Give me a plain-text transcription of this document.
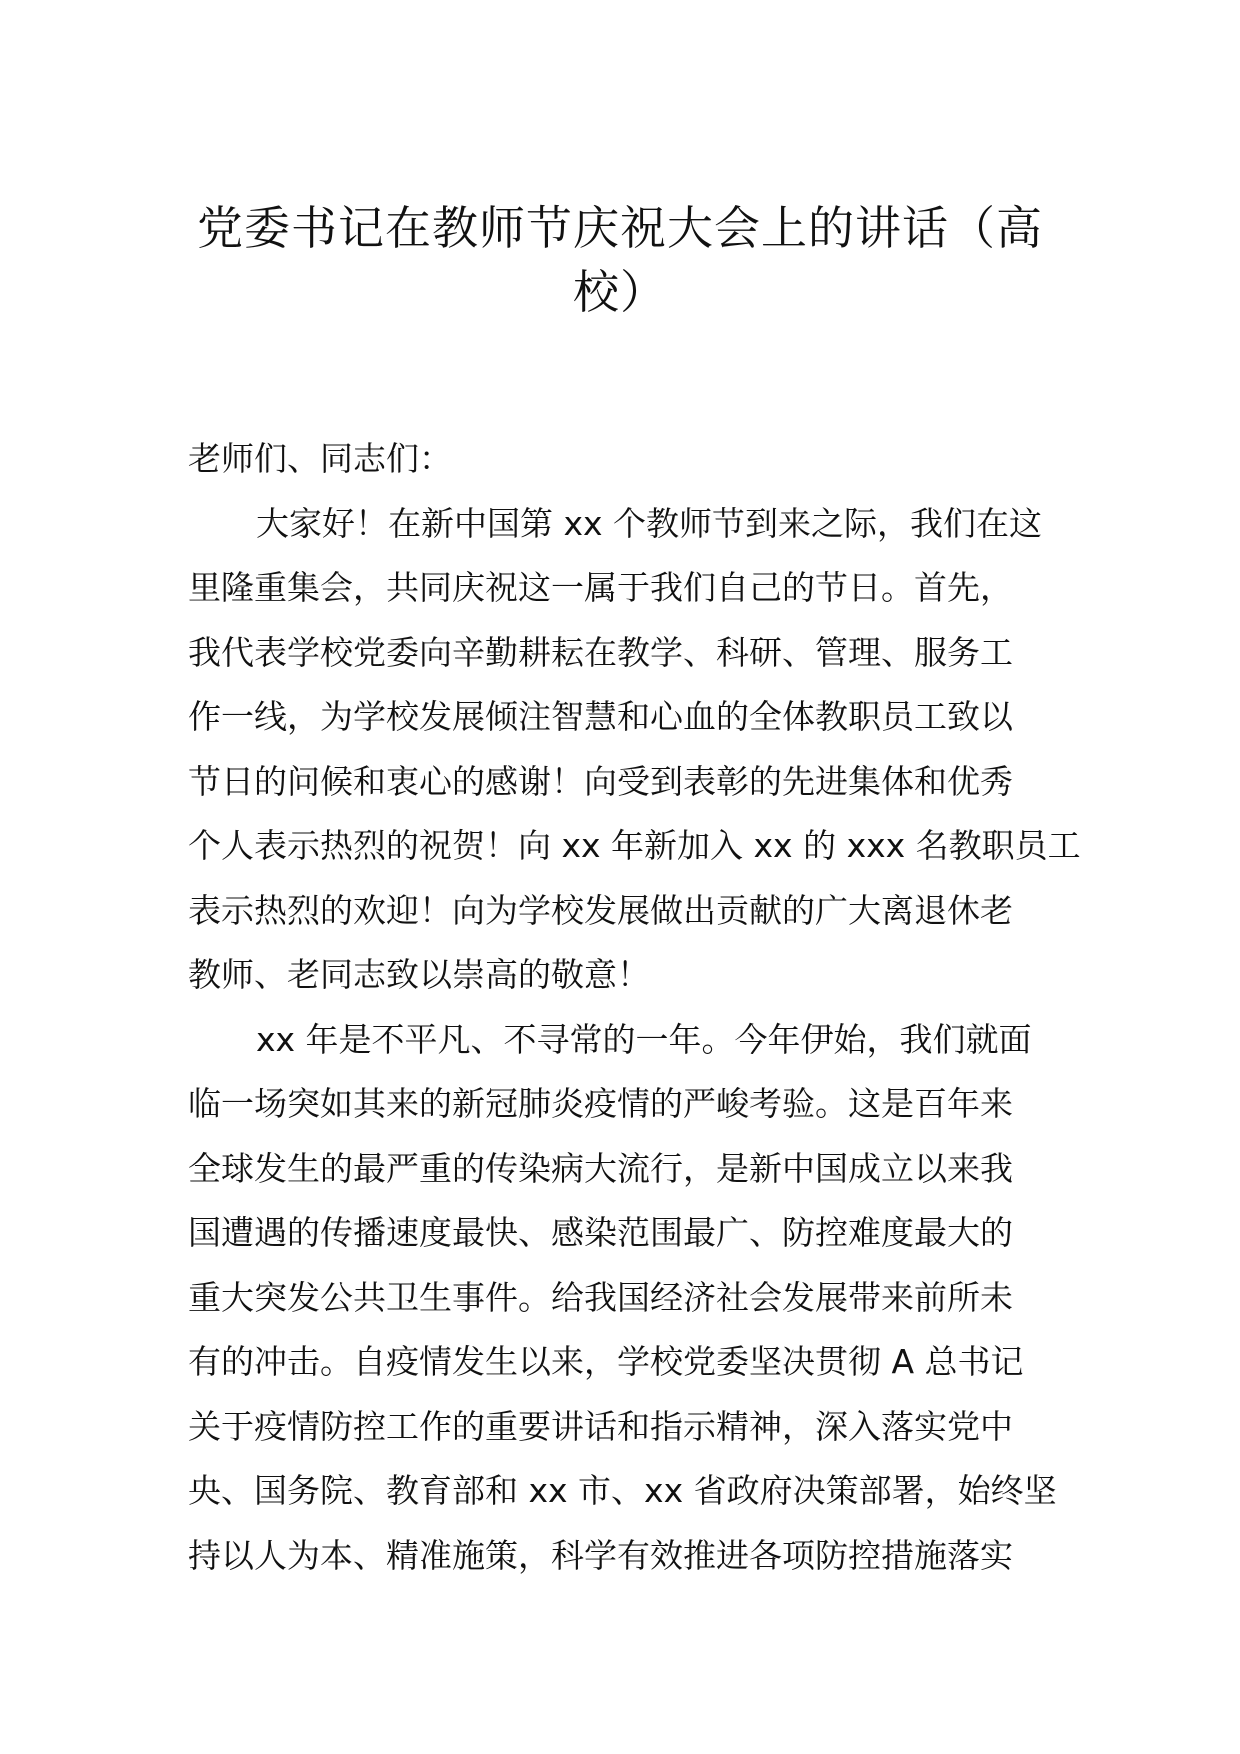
党委书记在教师节庆祝大会上的讲话（高
校）

老师们、同志们：

大家好！在新中国第 xx 个教师节到来之际，我们在这

里隆重集会，共同庆祝这一属于我们自己的节日。首先，

我代表学校党委向辛勤耕耘在教学、科研、管理、服务工

作一线，为学校发展倾注智慧和心血的全体教职员工致以

节日的问候和衷心的感谢！向受到表彰的先进集体和优秀

个人表示热烈的祝贺！向 xx 年新加入 xx 的 xxx 名教职员工

表示热烈的欢迎！向为学校发展做出贡献的广大离退休老

教师、老同志致以崇高的敬意！

xx 年是不平凡、不寻常的一年。今年伊始，我们就面

临一场突如其来的新冠肺炎疫情的严峻考验。这是百年来

全球发生的最严重的传染病大流行，是新中国成立以来我

国遭遇的传播速度最快、感染范围最广、防控难度最大的

重大突发公共卫生事件。给我国经济社会发展带来前所未

有的冲击。自疫情发生以来，学校党委坚决贯彻 A 总书记

关于疫情防控工作的重要讲话和指示精神，深入落实党中

央、国务院、教育部和 xx 市、xx 省政府决策部署，始终坚

持以人为本、精准施策，科学有效推进各项防控措施落实
